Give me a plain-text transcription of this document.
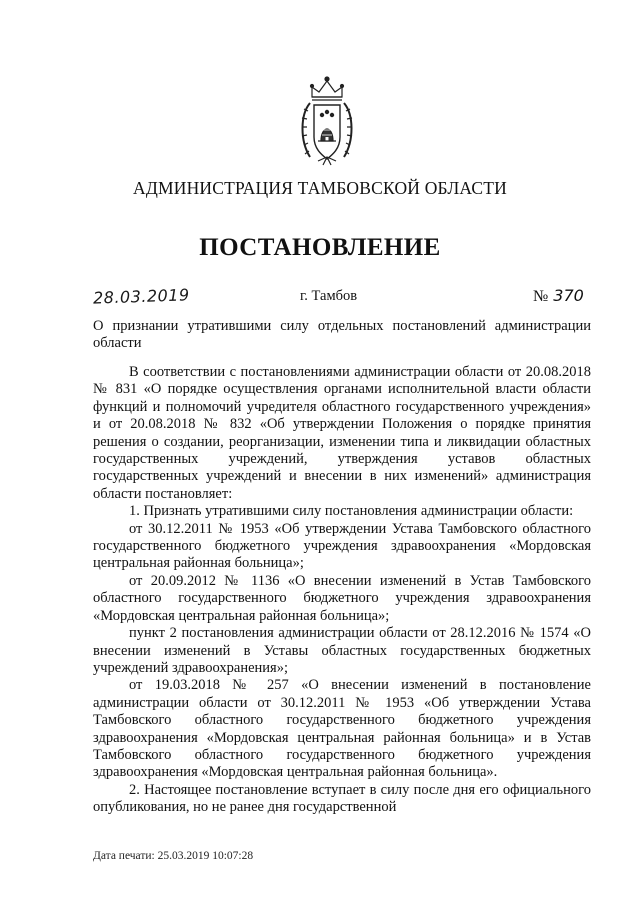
АДМИНИСТРАЦИЯ ТАМБОВСКОЙ ОБЛАСТИ
ПОСТАНОВЛЕНИЕ
28.03.2019	г. Тамбов	№ 370
О признании утратившими силу отдельных постановлений администрации области

В соответствии с постановлениями администрации области от 20.08.2018 № 831 «О порядке осуществления органами исполнительной власти области функций и полномочий учредителя областного государственного учреждения» и от 20.08.2018 № 832 «Об утверждении Положения о порядке принятия решения о создании, реорганизации, изменении типа и ликвидации областных государственных учреждений, утверждения уставов областных государственных учреждений и внесении в них изменений» администрация области постановляет:

1. Признать утратившими силу постановления администрации области:

от 30.12.2011 № 1953 «Об утверждении Устава Тамбовского областного государственного бюджетного учреждения здравоохранения «Мордовская центральная районная больница»;

от 20.09.2012 № 1136 «О внесении изменений в Устав Тамбовского областного государственного бюджетного учреждения здравоохранения «Мордовская центральная районная больница»;

пункт 2 постановления администрации области от 28.12.2016 № 1574 «О внесении изменений в Уставы областных государственных бюджетных учреждений здравоохранения»;

от 19.03.2018 № 257 «О внесении изменений в постановление администрации области от 30.12.2011 № 1953 «Об утверждении Устава Тамбовского областного государственного бюджетного учреждения здравоохранения «Мордовская центральная районная больница» и в Устав Тамбовского областного государственного бюджетного учреждения здравоохранения «Мордовская центральная районная больница».

2. Настоящее постановление вступает в силу после дня его официального опубликования, но не ранее дня государственной

Дата печати: 25.03.2019 10:07:28
